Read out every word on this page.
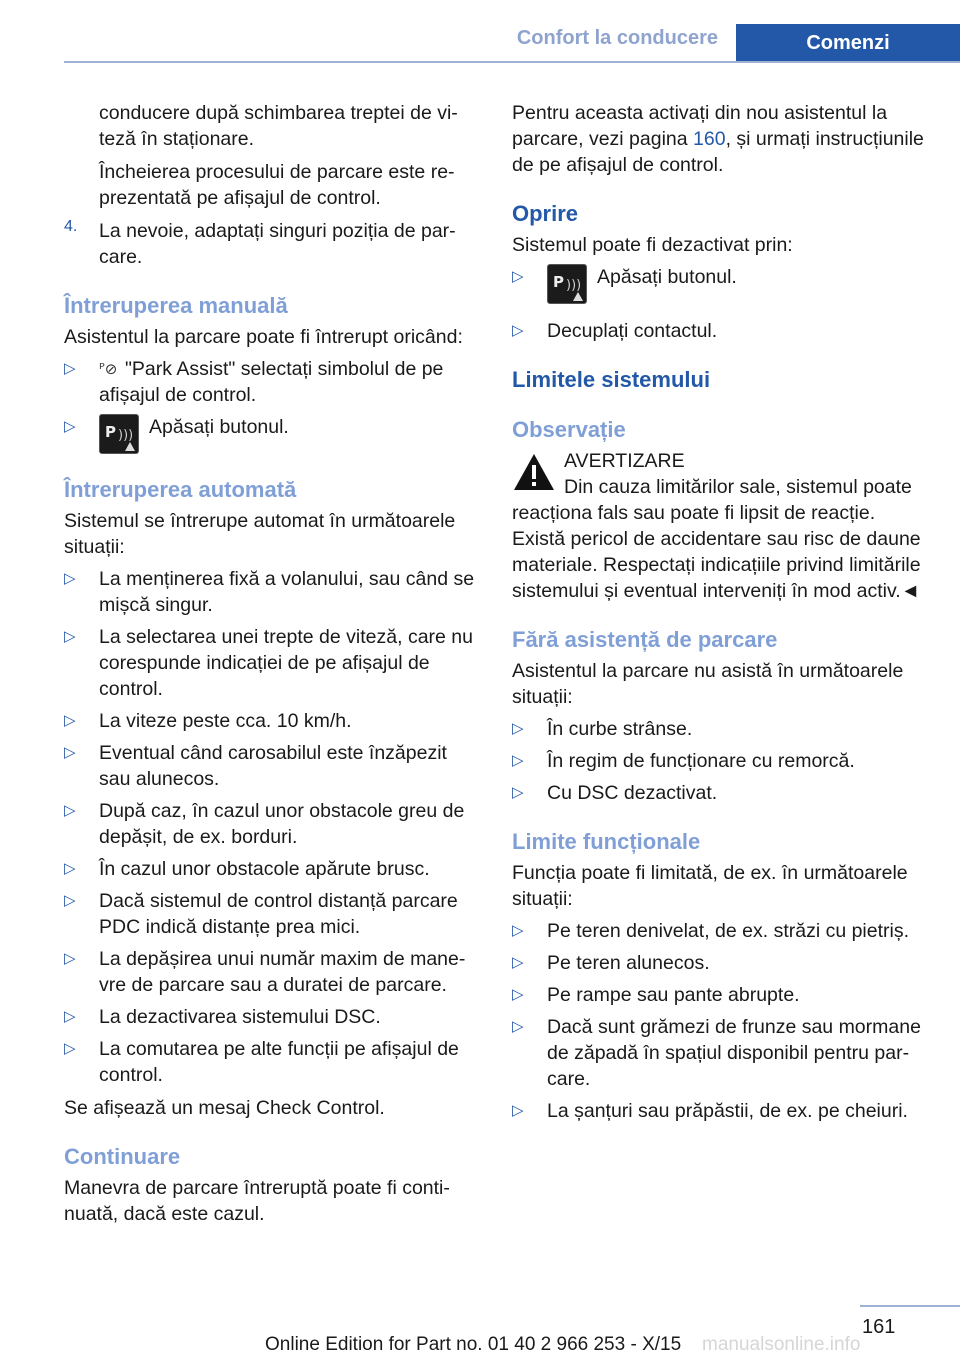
Confort la conducere	Comenzi

conducere după schimbarea treptei de viteză în staționare.

Încheierea procesului de parcare este reprezentată pe afișajul de control.

4. La nevoie, adaptați singuri poziția de parcare.

Întreruperea manuală

Asistentul la parcare poate fi întrerupt oricând:

▷ ᴾ⊘ "Park Assist" selectați simbolul de pe afișajul de control.
▷ P ))) Apăsați butonul.
Întreruperea automată

Sistemul se întrerupe automat în următoarele situații:

▷ La menținerea fixă a volanului, sau când se mișcă singur.
▷ La selectarea unei trepte de viteză, care nu corespunde indicației de pe afișajul de control.
▷ La viteze peste cca. 10 km/h.
▷ Eventual când carosabilul este înzăpezit sau alunecos.
▷ După caz, în cazul unor obstacole greu de depășit, de ex. borduri.
▷ În cazul unor obstacole apărute brusc.
▷ Dacă sistemul de control distanță parcare PDC indică distanțe prea mici.
▷ La depășirea unui număr maxim de manevre de parcare sau a duratei de parcare.
▷ La dezactivarea sistemului DSC.
▷ La comutarea pe alte funcții pe afișajul de control.

Se afișează un mesaj Check Control.

Continuare

Manevra de parcare întreruptă poate fi continuată, dacă este cazul.

Pentru aceasta activați din nou asistentul la parcare, vezi pagina 160, și urmați instrucțiunile de pe afișajul de control.

Oprire

Sistemul poate fi dezactivat prin:

▷ P ))) Apăsați butonul.
▷ Decuplați contactul.
Limitele sistemului
Observație

AVERTIZARE

Din cauza limitărilor sale, sistemul poate reacționa fals sau poate fi lipsit de reacție. Există pericol de accidentare sau risc de daune materiale. Respectați indicațiile privind limitările sistemului și eventual interveniți în mod activ.◄

Fără asistență de parcare

Asistentul la parcare nu asistă în următoarele situații:

▷ În curbe strânse.
▷ În regim de funcționare cu remorcă.
▷ Cu DSC dezactivat.
Limite funcționale

Funcția poate fi limitată, de ex. în următoarele situații:

▷ Pe teren denivelat, de ex. străzi cu pietriș.
▷ Pe teren alunecos.
▷ Pe rampe sau pante abrupte.
▷ Dacă sunt grămezi de frunze sau mormane de zăpadă în spațiul disponibil pentru parcare.
▷ La șanțuri sau prăpăstii, de ex. pe cheiuri.
161
Online Edition for Part no. 01 40 2 966 253 - X/15 manualsonline.info
